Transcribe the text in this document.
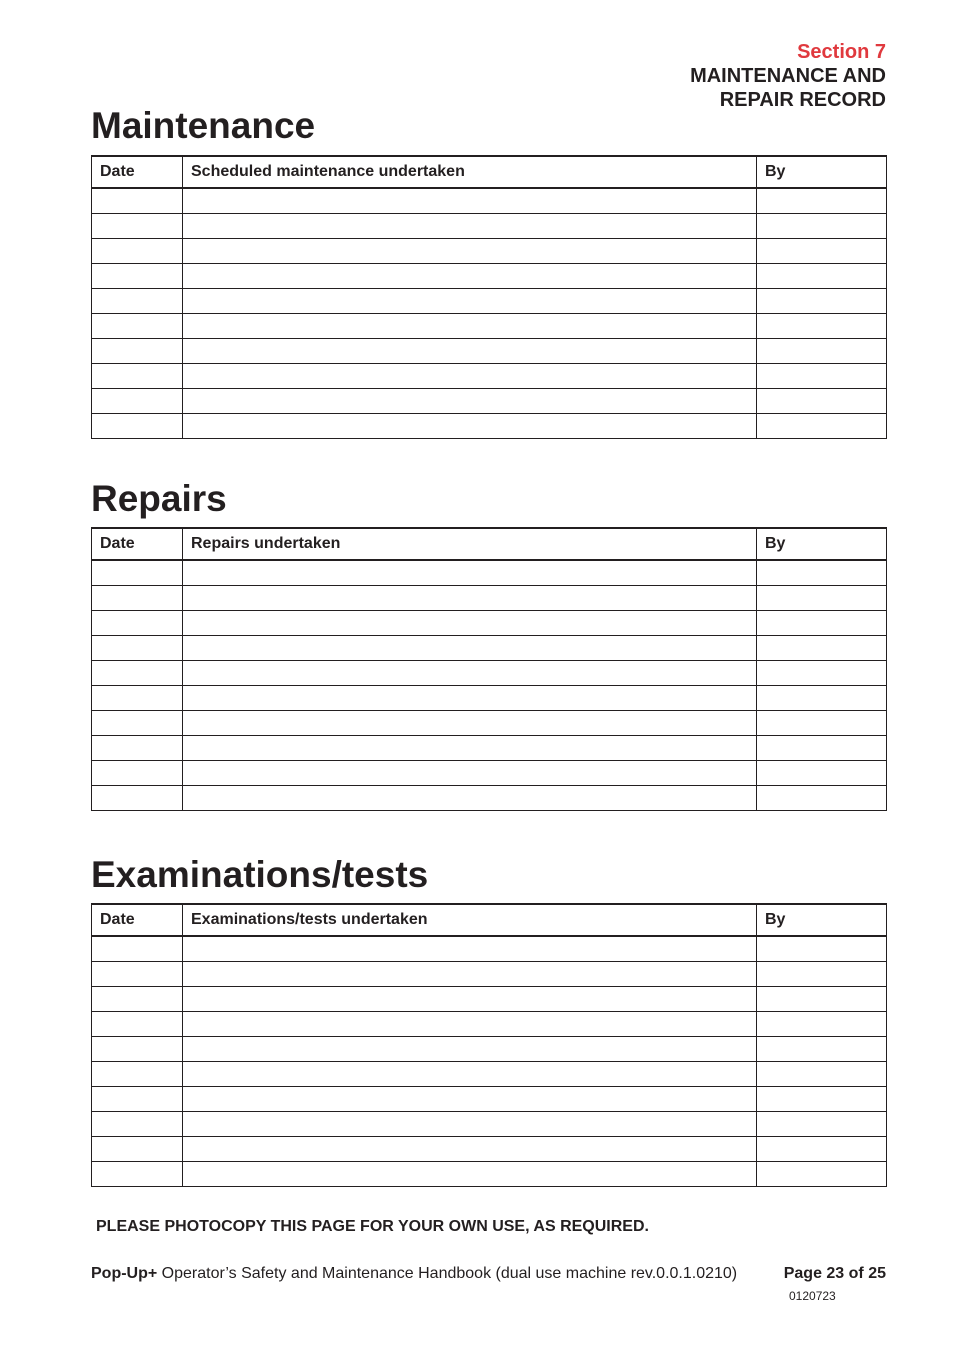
Section 7
MAINTENANCE AND
REPAIR RECORD
Maintenance
Date	Scheduled maintenance undertaken	By

Repairs
Date	Repairs undertaken	By

Examinations/tests
Date	Examinations/tests undertaken	By

PLEASE PHOTOCOPY THIS PAGE FOR YOUR OWN USE, AS REQUIRED.
Pop-Up+ Operator’s Safety and Maintenance Handbook (dual use machine rev.0.0.1.0210)	Page 23 of 25
0120723
